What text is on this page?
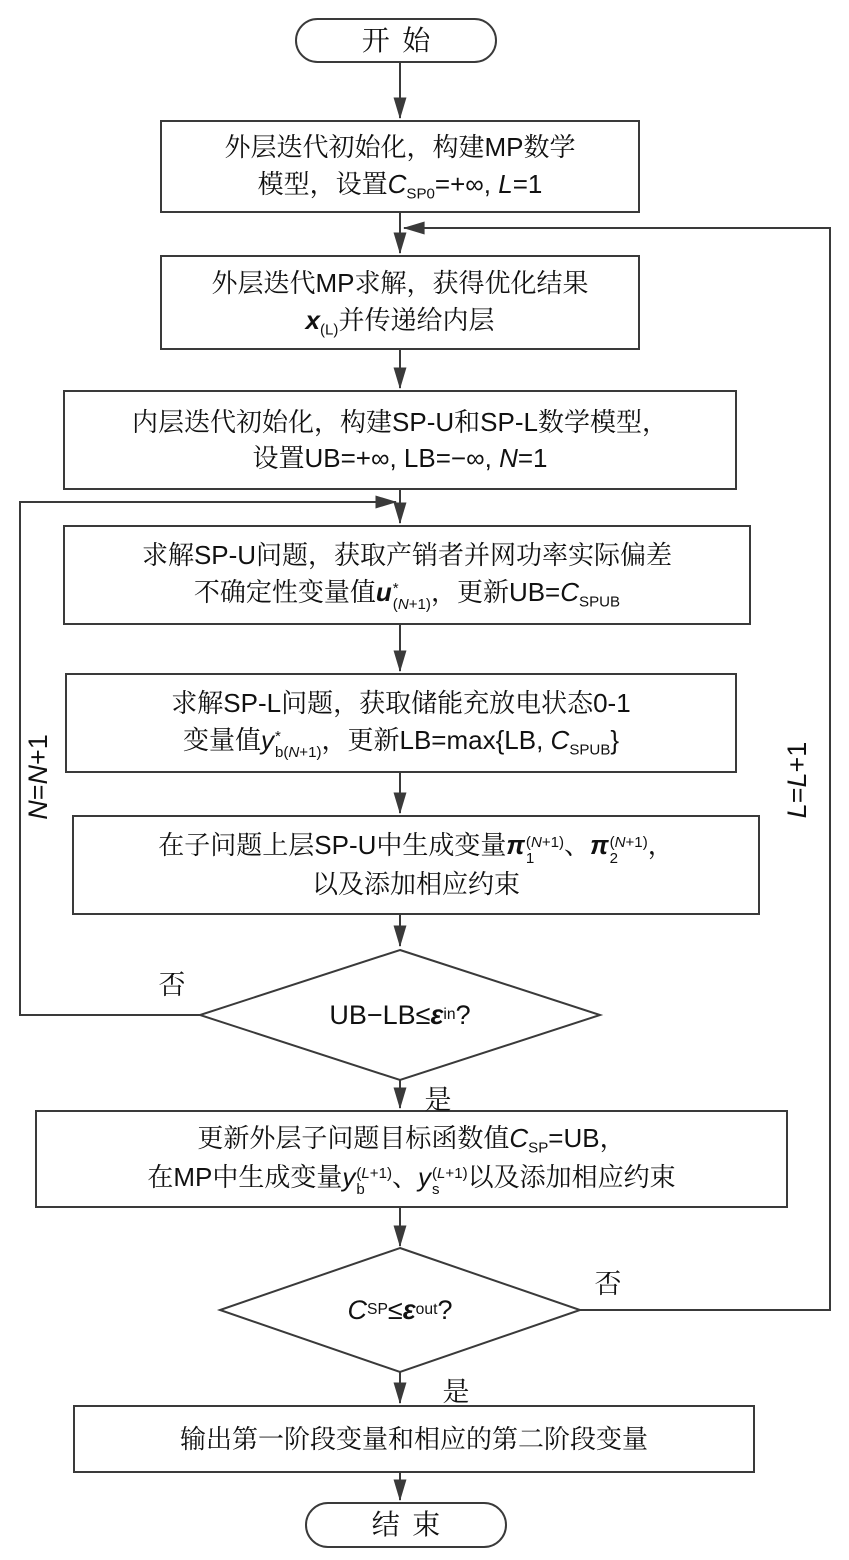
开始
外层迭代初始化，构建MP数学
模型，设置$C_{SP0}=+\infty$, L=1
外层迭代MP求解，获得优化结果
$x_{(L)}$并传递给内层
内层迭代初始化，构建SP-U和SP-L数学模型，
设置UB=+∞, LB=−∞, N=1
求解SP-U问题，获取产销者并网功率实际偏差
不确定性变量值u *
(N+1) ，更新$UB=C_{SPUB}$
求解SP-L问题，获取储能充放电状态0-1
变量值y *
b(N+1) ，更新LB=max{LB, $C_{SPUB}$}
在子问题上层SP-U中生成变量π (N+1)
1	、π (N+1)
2	，
以及添加相应约束
UB−LB≤ ε in ?
更新外层子问题目标函数值$C_{SP}=UB$，
在MP中生成变量y (L+1)
b	、y (L+1)
s	以及添加相应约束
C SP ≤ ε out ?
输出第一阶段变量和相应的第二阶段变量
结束
否
是
否
是
N
=
N
+1
L
=
L
+1
